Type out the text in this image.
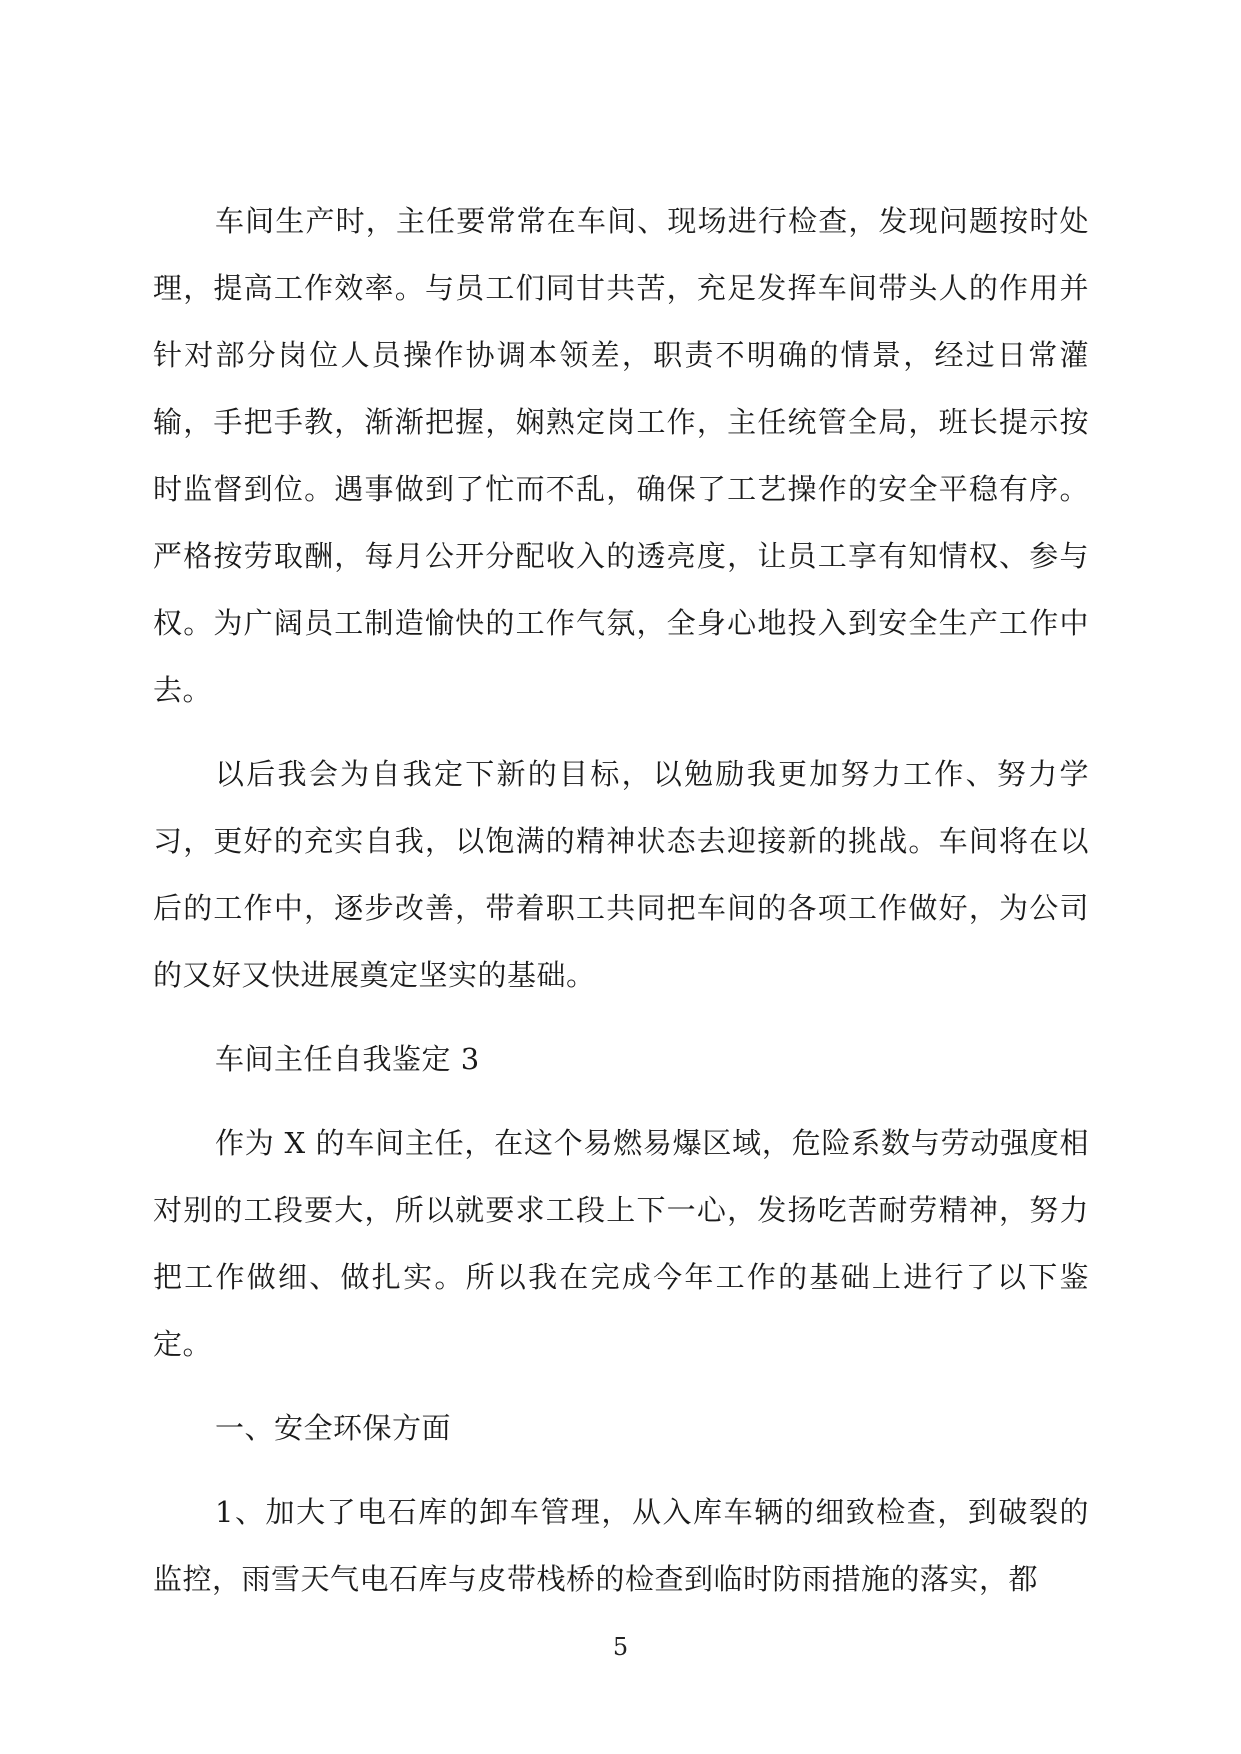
车间生产时，主任要常常在车间、现场进行检查，发现问题按时处理，提高工作效率。与员工们同甘共苦，充足发挥车间带头人的作用并针对部分岗位人员操作协调本领差，职责不明确的情景，经过日常灌输，手把手教，渐渐把握，娴熟定岗工作，主任统管全局，班长提示按时监督到位。遇事做到了忙而不乱，确保了工艺操作的安全平稳有序。严格按劳取酬，每月公开分配收入的透亮度，让员工享有知情权、参与权。为广阔员工制造愉快的工作气氛，全身心地投入到安全生产工作中去。

以后我会为自我定下新的目标，以勉励我更加努力工作、努力学习，更好的充实自我，以饱满的精神状态去迎接新的挑战。车间将在以后的工作中，逐步改善，带着职工共同把车间的各项工作做好，为公司的又好又快进展奠定坚实的基础。

车间主任自我鉴定 3

作为 X 的车间主任，在这个易燃易爆区域，危险系数与劳动强度相对别的工段要大，所以就要求工段上下一心，发扬吃苦耐劳精神，努力把工作做细、做扎实。所以我在完成今年工作的基础上进行了以下鉴定。

一、安全环保方面

1、加大了电石库的卸车管理，从入库车辆的细致检查，到破裂的监控，雨雪天气电石库与皮带栈桥的检查到临时防雨措施的落实，都

5
